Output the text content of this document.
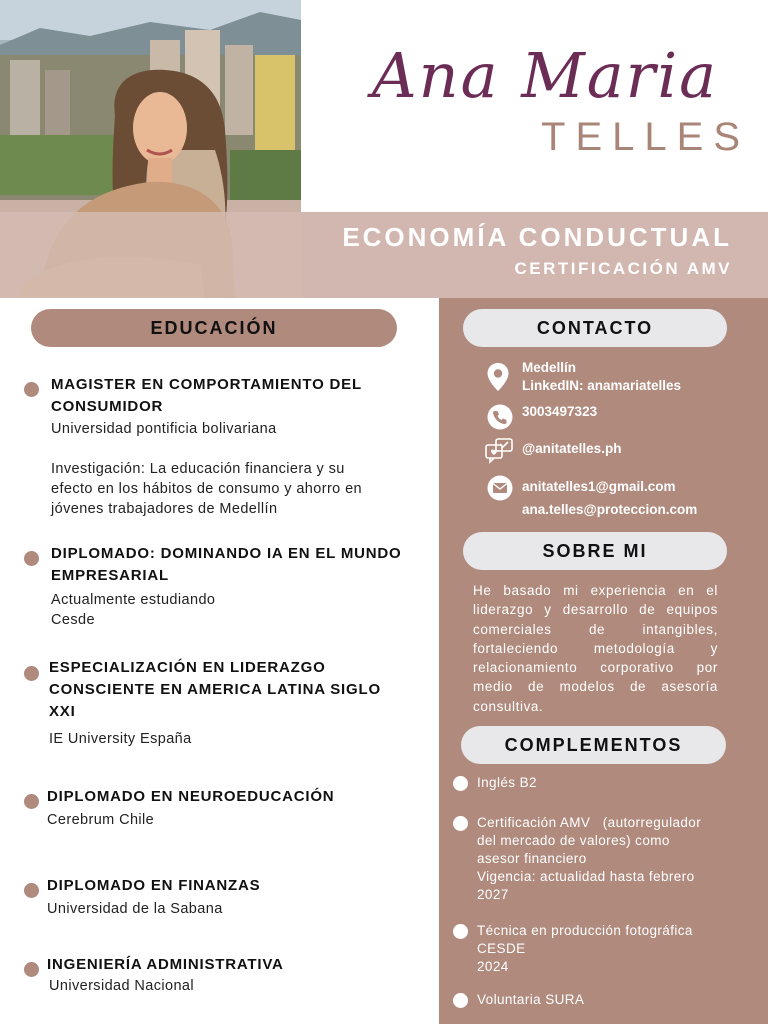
Ana Maria
TELLES
ECONOMÍA CONDUCTUAL
CERTIFICACIÓN AMV
EDUCACIÓN
MAGISTER EN COMPORTAMIENTO DEL
CONSUMIDOR
Universidad pontificia bolivariana
Investigación: La educación financiera y su
efecto en los hábitos de consumo y ahorro en
jóvenes trabajadores de Medellín
DIPLOMADO: DOMINANDO IA EN EL MUNDO
EMPRESARIAL
Actualmente estudiando
Cesde
ESPECIALIZACIÓN EN LIDERAZGO
CONSCIENTE EN AMERICA LATINA SIGLO
XXI
IE University España
DIPLOMADO EN NEUROEDUCACIÓN
Cerebrum Chile
DIPLOMADO EN FINANZAS
Universidad de la Sabana
INGENIERÍA ADMINISTRATIVA
Universidad Nacional
CONTACTO
Medellín
LinkedIN: anamariatelles
3003497323
@anitatelles.ph
anitatelles1@gmail.com
ana.telles@proteccion.com
SOBRE MI
He basado mi experiencia en el liderazgo y desarrollo de equipos comerciales de intangibles, fortaleciendo metodología y relacionamiento corporativo por medio de modelos de asesoría consultiva.
COMPLEMENTOS
Inglés B2
Certificación AMV   (autorregulador
del mercado de valores) como
asesor financiero
Vigencia: actualidad hasta febrero
2027
Técnica en producción fotográfica
CESDE
2024
Voluntaria SURA
